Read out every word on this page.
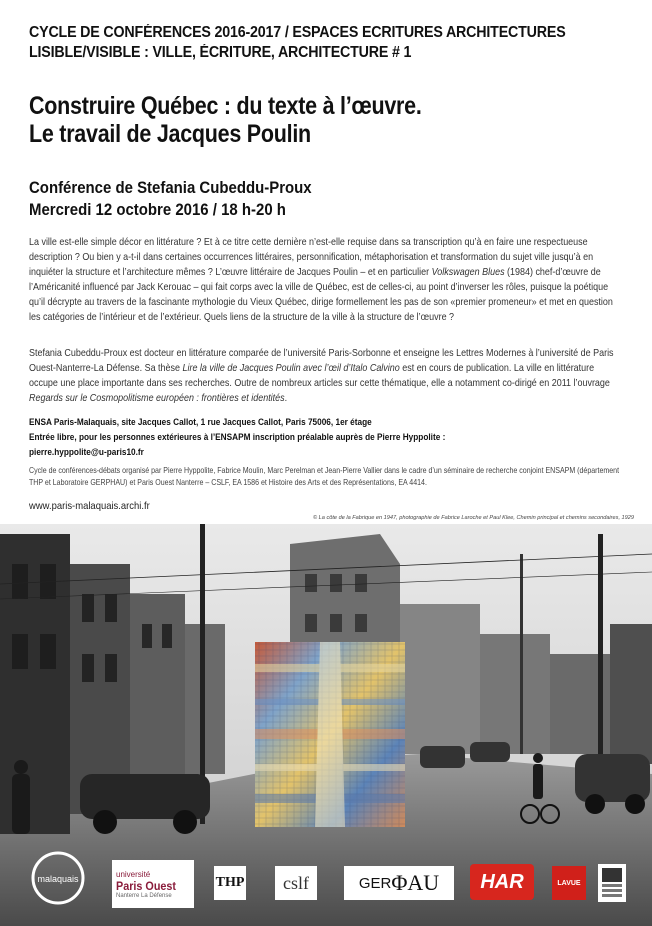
CYCLE DE CONFÉRENCES 2016-2017 / ESPACES ECRITURES ARCHITECTURES
LISIBLE/VISIBLE : VILLE, ÉCRITURE, ARCHITECTURE # 1
Construire Québec : du texte à l’œuvre.
Le travail de Jacques Poulin
Conférence de Stefania Cubeddu-Proux
Mercredi 12 octobre 2016 / 18 h-20 h

La ville est-elle simple décor en littérature ? Et à ce titre cette dernière n’est-elle requise dans sa transcription qu’à en faire une respectueuse description ? Ou bien y a-t-il dans certaines occurrences littéraires, personnification, métaphorisation et transformation du sujet ville jusqu’à en inquiéter la structure et l’architecture mêmes ? L’œuvre littéraire de Jacques Poulin – et en particulier Volkswagen Blues (1984) chef-d’œuvre de l’Américanité influencé par Jack Kerouac – qui fait corps avec la ville de Québec, est de celles-ci, au point d’inverser les rôles, puisque la poétique qu’il décrypte au travers de la fascinante mythologie du Vieux Québec, dirige formellement les pas de son «premier promeneur» et met en question les catégories de l’intérieur et de l’extérieur. Quels liens de la structure de la ville à la structure de l’œuvre ?

Stefania Cubeddu-Proux est docteur en littérature comparée de l’université Paris-Sorbonne et enseigne les Lettres Modernes à l’université de Paris Ouest-Nanterre-La Défense. Sa thèse Lire la ville de Jacques Poulin avec l’œil d’Italo Calvino est en cours de publication. La ville en littérature occupe une place importante dans ses recherches. Outre de nombreux articles sur cette thématique, elle a notamment co-dirigé en 2011 l’ouvrage Regards sur le Cosmopolitisme européen : frontières et identités.

ENSA Paris-Malaquais, site Jacques Callot, 1 rue Jacques Callot, Paris 75006, 1er étage
Entrée libre, pour les personnes extérieures à l’ENSAPM inscription préalable auprès de Pierre Hyppolite :
pierre.hyppolite@u-paris10.fr

Cycle de conférences-débats organisé par Pierre Hyppolite, Fabrice Moulin, Marc Perelman et Jean-Pierre Vallier dans le cadre d’un séminaire de recherche conjoint ENSAPM (département THP et Laboratoire GERPHAU) et Paris Ouest Nanterre – CSLF, EA 1586 et Histoire des Arts et des Représentations, EA 4414.

www.paris-malaquais.archi.fr
© La côte de la Fabrique en 1947, photographie de Fabrice Laroche et Paul Klee, Chemin principal et chemins secondaires, 1929
malaquais	université
Paris Ouest
Nanterre La Défense
THP cslf	GER ΦAU HAR	LAVUE
